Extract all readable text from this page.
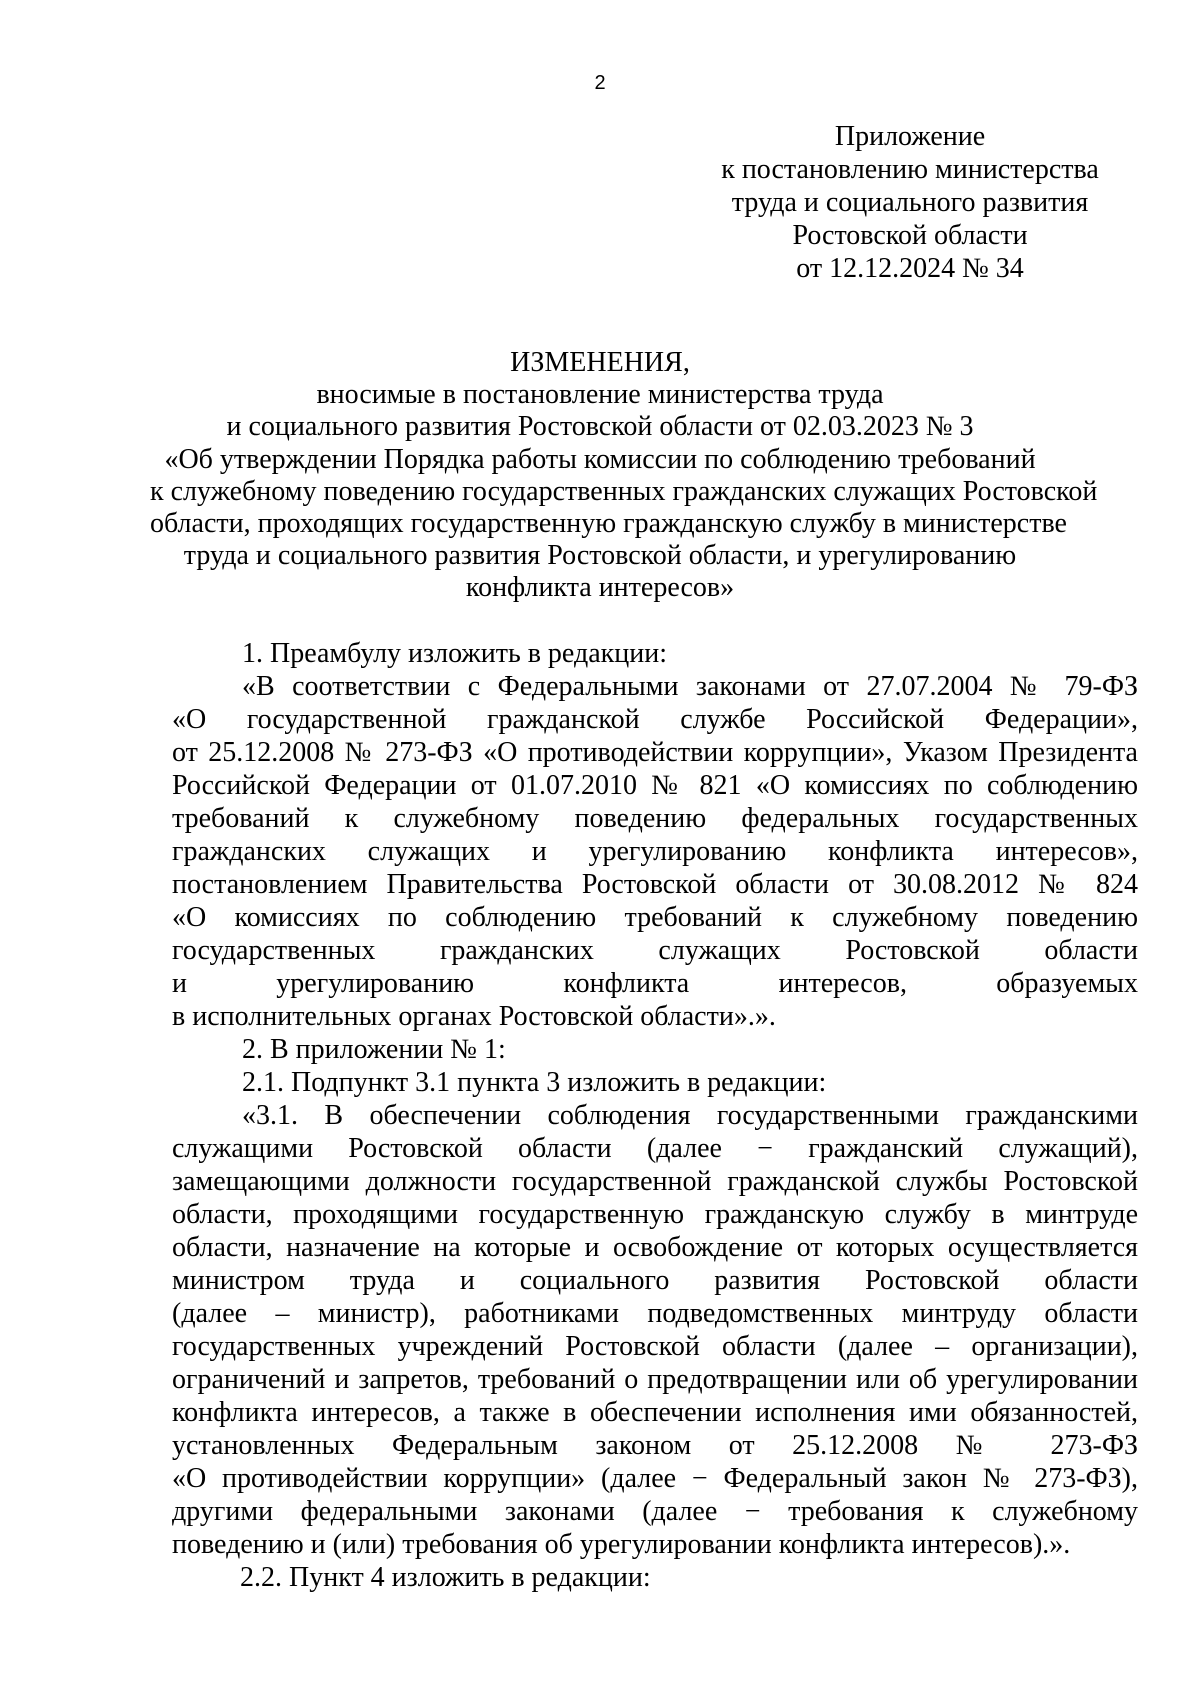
2
Приложение
к постановлению министерства
труда и социального развития
Ростовской области
от 12.12.2024 № 34
ИЗМЕНЕНИЯ,
вносимые в постановление министерства труда
и социального развития Ростовской области от 02.03.2023 № 3
«Об утверждении Порядка работы комиссии по соблюдению требований
к служебному поведению государственных гражданских служащих Ростовской
области, проходящих государственную гражданскую службу в министерстве
труда и социального развития Ростовской области, и урегулированию
конфликта интересов»
1. Преамбулу изложить в редакции:
«В соответствии с Федеральными законами от 27.07.2004 № 79-ФЗ
«О государственной гражданской службе Российской Федерации»,
от 25.12.2008 № 273-ФЗ «О противодействии коррупции», Указом Президента
Российской Федерации от 01.07.2010 № 821 «О комиссиях по соблюдению
требований к служебному поведению федеральных государственных
гражданских служащих и урегулированию конфликта интересов»,
постановлением Правительства Ростовской области от 30.08.2012 № 824
«О комиссиях по соблюдению требований к служебному поведению
государственных гражданских служащих Ростовской области
и урегулированию конфликта интересов, образуемых
в исполнительных органах Ростовской области».».
2. В приложении № 1:
2.1. Подпункт 3.1 пункта 3 изложить в редакции:
«3.1. В обеспечении соблюдения государственными гражданскими
служащими Ростовской области (далее − гражданский служащий),
замещающими должности государственной гражданской службы Ростовской
области, проходящими государственную гражданскую службу в минтруде
области, назначение на которые и освобождение от которых осуществляется
министром труда и социального развития Ростовской области
(далее – министр), работниками подведомственных минтруду области
государственных учреждений Ростовской области (далее – организации),
ограничений и запретов, требований о предотвращении или об урегулировании
конфликта интересов, а также в обеспечении исполнения ими обязанностей,
установленных Федеральным законом от 25.12.2008 № 273-ФЗ
«О противодействии коррупции» (далее − Федеральный закон № 273-ФЗ),
другими федеральными законами (далее − требования к служебному
поведению и (или) требования об урегулировании конфликта интересов).».
2.2. Пункт 4 изложить в редакции:
